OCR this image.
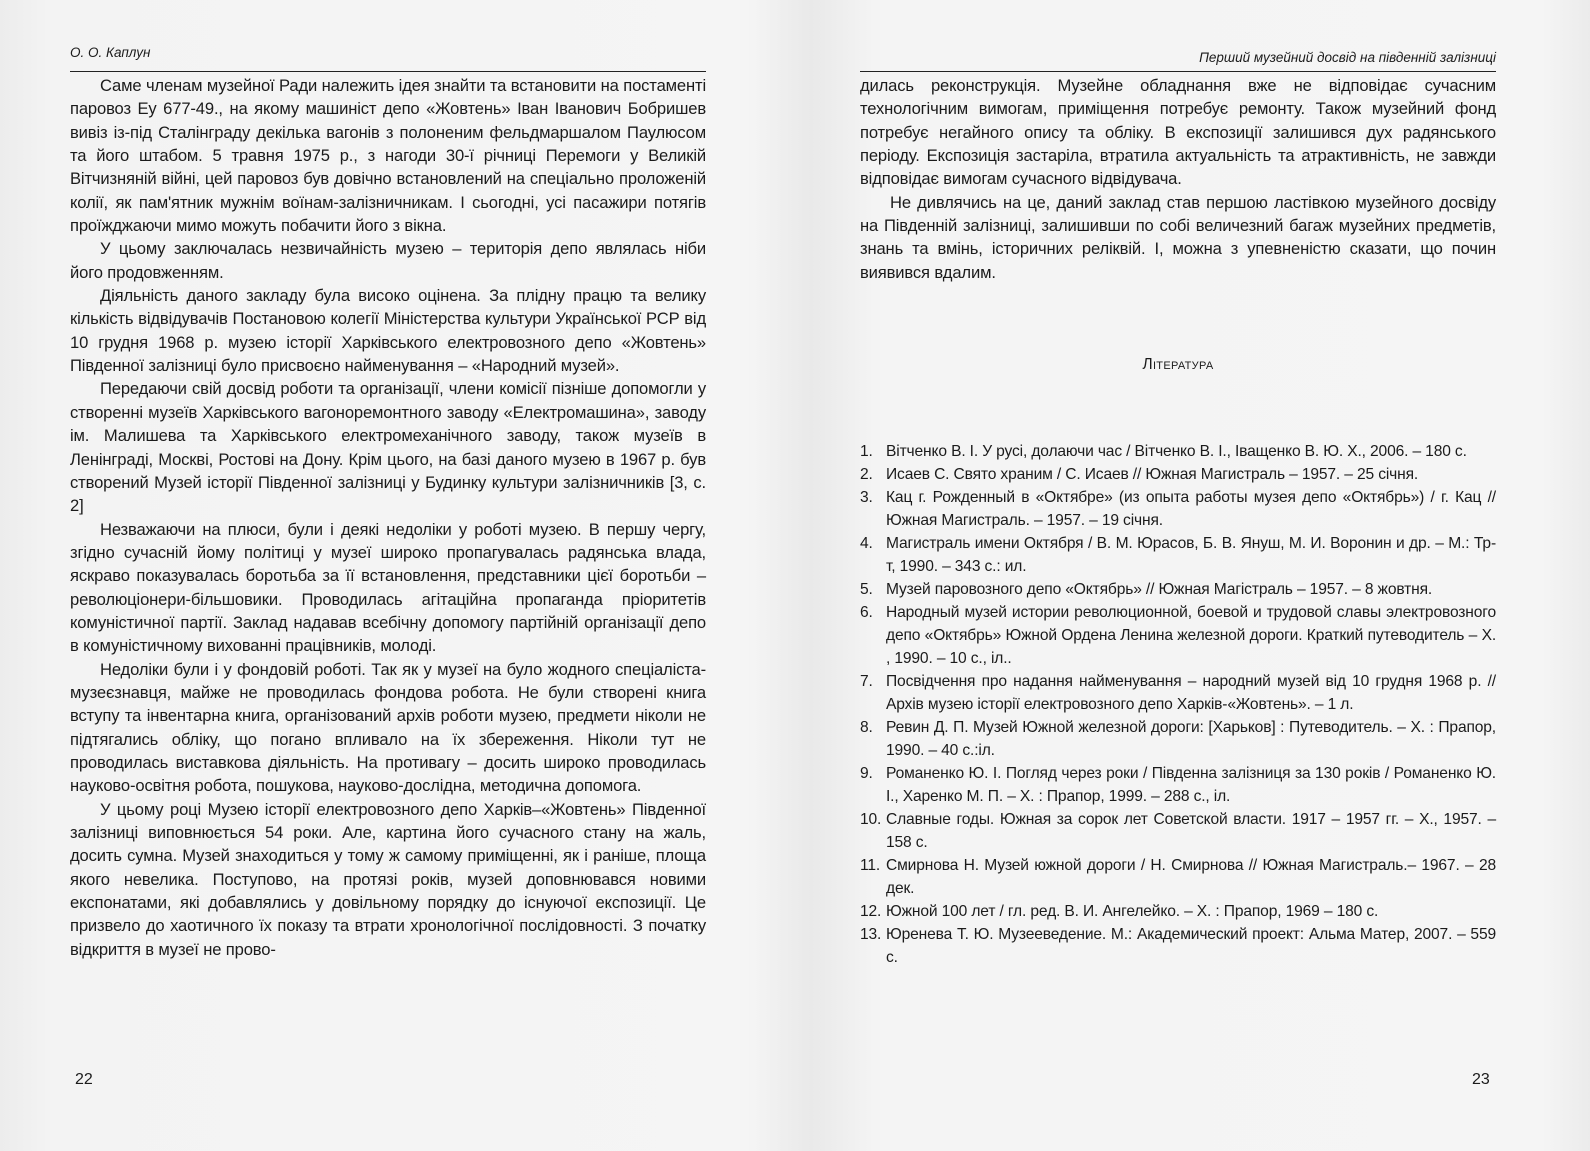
О. О. Каплун

Саме членам музейної Ради належить ідея знайти та встановити на постаменті паровоз Еу 677-49., на якому машиніст депо «Жовтень» Іван Іванович Бобришев вивіз із-під Сталінграду декілька вагонів з полоненим фельдмаршалом Паулюсом та його штабом. 5 травня 1975 р., з нагоди 30-ї річниці Перемоги у Великій Вітчизняній війні, цей паровоз був довічно встановлений на спеціально проложеній колії, як пам'ятник мужнім воїнам-залізничникам. І сьогодні, усі пасажири потягів проїжджаючи мимо можуть побачити його з вікна.

У цьому заключалась незвичайність музею – територія депо являлась ніби його продовженням.

Діяльність даного закладу була високо оцінена. За плідну працю та велику кількість відвідувачів Постановою колегії Міністерства культури Української РСР від 10 грудня 1968 р. музею історії Харківського електровозного депо «Жовтень» Південної залізниці було присвоєно найменування – «Народний музей».

Передаючи свій досвід роботи та організації, члени комісії пізніше допомогли у створенні музеїв Харківського вагоноремонтного заводу «Електромашина», заводу ім. Малишева та Харківського електромеханічного заводу, також музеїв в Ленінграді, Москві, Ростові на Дону. Крім цього, на базі даного музею в 1967 р. був створений Музей історії Південної залізниці у Будинку культури залізничників [3, с. 2]

Незважаючи на плюси, були і деякі недоліки у роботі музею. В першу чергу, згідно сучасній йому політиці у музеї широко пропагувалась радянська влада, яскраво показувалась боротьба за її встановлення, представники цієї боротьби – революціонери-більшовики. Проводилась агітаційна пропаганда пріоритетів комуністичної партії. Заклад надавав всебічну допомогу партійній організації депо в комуністичному вихованні працівників, молоді.

Недоліки були і у фондовій роботі. Так як у музеї на було жодного спеціаліста-музеєзнавця, майже не проводилась фондова робота. Не були створені книга вступу та інвентарна книга, організований архів роботи музею, предмети ніколи не підтягались обліку, що погано впливало на їх збереження. Ніколи тут не проводилась виставкова діяльність. На противагу – досить широко проводилась науково-освітня робота, пошукова, науково-дослідна, методична допомога.

У цьому році Музею історії електровозного депо Харків–«Жовтень» Південної залізниці виповнюється 54 роки. Але, картина його сучасного стану на жаль, досить сумна. Музей знаходиться у тому ж самому приміщенні, як і раніше, площа якого невелика. Поступово, на протязі років, музей доповнювався новими експонатами, які добавлялись у довільному порядку до існуючої експозиції. Це призвело до хаотичного їх показу та втрати хронологічної послідовності. З початку відкриття в музеї не прово-

22
Перший музейний досвід на південній залізниці

дилась реконструкція. Музейне обладнання вже не відповідає сучасним технологічним вимогам, приміщення потребує ремонту. Також музейний фонд потребує негайного опису та обліку. В експозиції залишився дух радянського періоду. Експозиція застаріла, втратила актуальність та атрактивність, не завжди відповідає вимогам сучасного відвідувача.

Не дивлячись на це, даний заклад став першою ластівкою музейного досвіду на Південній залізниці, залишивши по собі величезний багаж музейних предметів, знань та вмінь, історичних реліквій. І, можна з упевненістю сказати, що почин виявився вдалим.

Література
1. Вітченко В. І. У русі, долаючи час / Вітченко В. І., Іващенко В. Ю. Х., 2006. – 180 с.
2. Исаев С. Свято храним / С. Исаев // Южная Магистраль – 1957. – 25 січня.
3. Кац г. Рожденный в «Октябре» (из опыта работы музея депо «Октябрь») / г. Кац // Южная Магистраль. – 1957. – 19 січня.
4. Магистраль имени Октября / В. М. Юрасов, Б. В. Януш, М. И. Воронин и др. – М.: Тр-т, 1990. – 343 с.: ил.
5. Музей паровозного депо «Октябрь» // Южная Магістраль – 1957. – 8 жовтня.
6. Народный музей истории революционной, боевой и трудовой славы электровозного депо «Октябрь» Южной Ордена Ленина железной дороги. Краткий путеводитель – Х. , 1990. – 10 с., іл..
7. Посвідчення про надання найменування – народний музей від 10 грудня 1968 р. // Архів музею історії електровозного депо Харків-«Жовтень». – 1 л.
8. Ревин Д. П. Музей Южной железной дороги: [Харьков] : Путеводитель. – Х. : Прапор, 1990. – 40 с.:іл.
9. Романенко Ю. І. Погляд через роки / Південна залізниця за 130 років / Романенко Ю. І., Харенко М. П. – Х. : Прапор, 1999. – 288 с., іл.
10. Славные годы. Южная за сорок лет Советской власти. 1917 – 1957 гг. – Х., 1957. – 158 с.
11. Смирнова Н. Музей южной дороги / Н. Смирнова // Южная Магистраль.– 1967. – 28 дек.
12. Южной 100 лет / гл. ред. В. И. Ангелейко. – Х. : Прапор, 1969 – 180 с.
13. Юренева Т. Ю. Музееведение. М.: Академический проект: Альма Матер, 2007. – 559 с.
23
